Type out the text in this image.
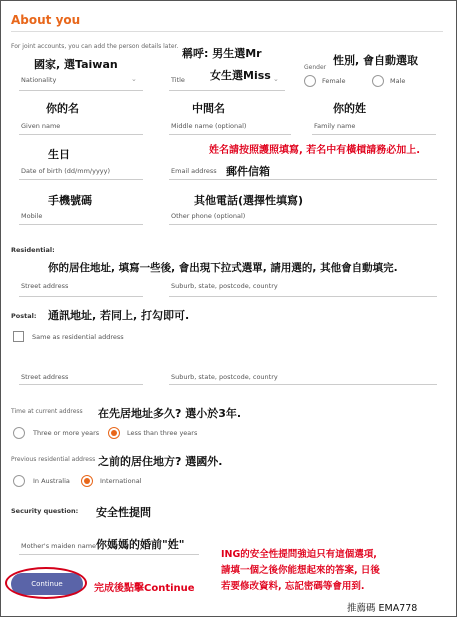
About you
For joint accounts, you can add the person details later.
國家, 選Taiwan
稱呼: 男生選Mr
女生選Miss
性別, 會自動選取
Nationality	⌄	Title	⌄
Gender
Female	Male
你的名	中間名	你的姓
Given name	Middle name (optional)	Family name
生日	姓名請按照護照填寫, 若名中有橫槓請務必加上.
郵件信箱
Date of birth (dd/mm/yyyy)	Email address
手機號碼	其他電話(選擇性填寫)
Mobile	Other phone (optional)
Residential:
你的居住地址, 填寫一些後, 會出現下拉式選單, 請用選的, 其他會自動填完.
Street address	Suburb, state, postcode, country
Postal: 通訊地址, 若同上, 打勾即可.
Same as residential address
Street address	Suburb, state, postcode, country
Time at current address 在先居地址多久? 選小於3年.
Three or more years	Less than three years
Previous residential address 之前的居住地方? 選國外.
In Australia	International
Security question: 安全性提問
Mother's maiden name 你媽媽的婚前"姓"
ING的安全性提問強迫只有這個選項,
請填一個之後你能想起來的答案, 日後
若要修改資料, 忘記密碼等會用到.
Continue	完成後點擊Continue
推薦碼 EMA778
